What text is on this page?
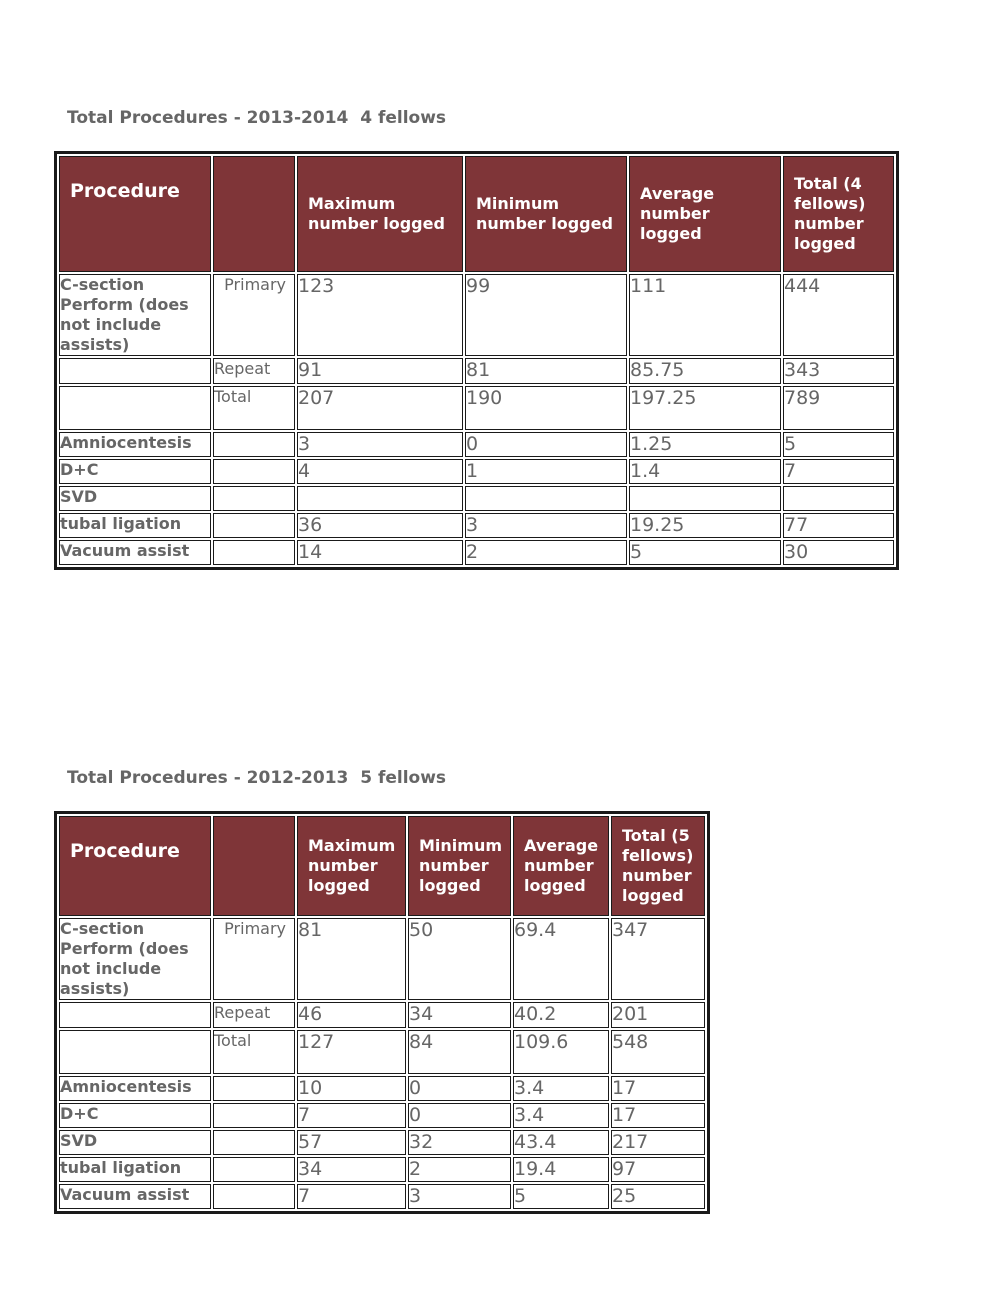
Total Procedures - 2013-2014  4 fellows
Procedure		Maximum number logged	Minimum number logged	Average number logged	Total (4 fellows) number logged
C-section Perform (does not include assists)	Primary	123	99	111	444
	Repeat	91	81	85.75	343
	Total	207	190	197.25	789
Amniocentesis		3	0	1.25	5
D+C		4	1	1.4	7
SVD					
tubal ligation		36	3	19.25	77
Vacuum assist		14	2	5	30
Total Procedures - 2012-2013  5 fellows
Procedure		Maximum number logged	Minimum number logged	Average number logged	Total (5 fellows) number logged
C-section Perform (does not include assists)	Primary	81	50	69.4	347
	Repeat	46	34	40.2	201
	Total	127	84	109.6	548
Amniocentesis		10	0	3.4	17
D+C		7	0	3.4	17
SVD		57	32	43.4	217
tubal ligation		34	2	19.4	97
Vacuum assist		7	3	5	25
